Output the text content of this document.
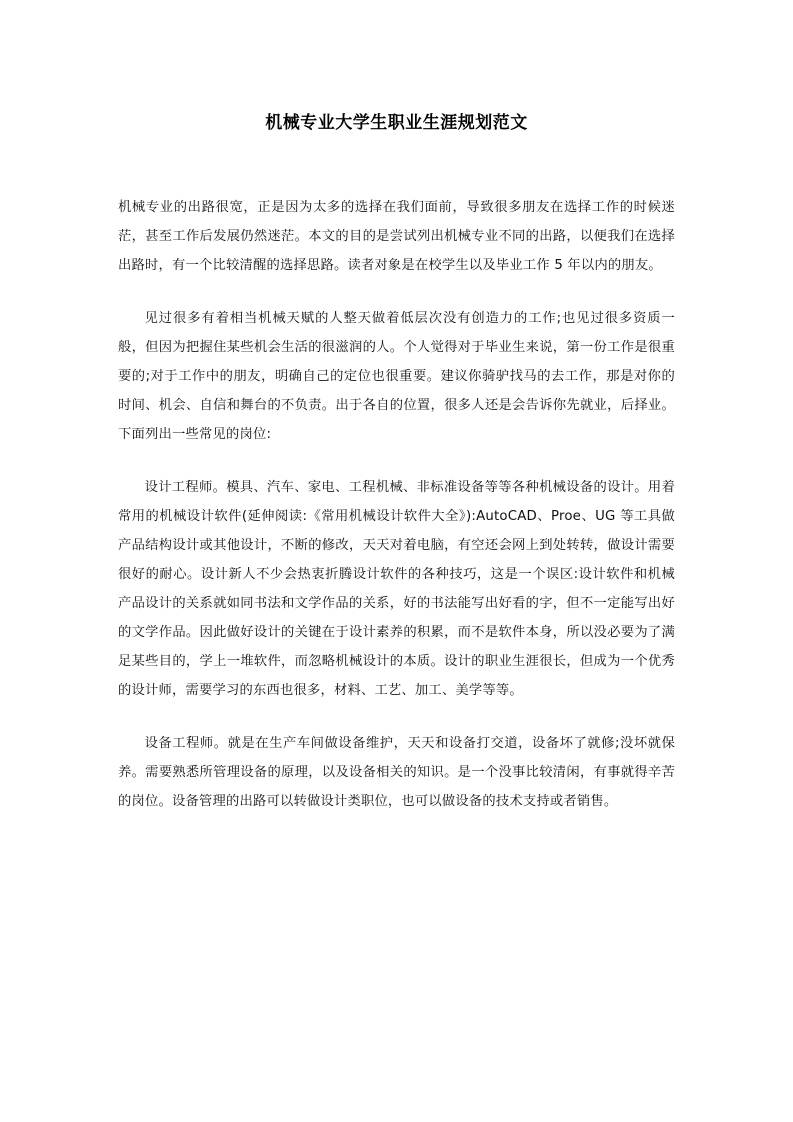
机械专业大学生职业生涯规划范文

机械专业的出路很宽，正是因为太多的选择在我们面前，导致很多朋友在选择工作的时候迷茫，甚至工作后发展仍然迷茫。本文的目的是尝试列出机械专业不同的出路，以便我们在选择出路时，有一个比较清醒的选择思路。读者对象是在校学生以及毕业工作 5 年以内的朋友。

见过很多有着相当机械天赋的人整天做着低层次没有创造力的工作;也见过很多资质一般，但因为把握住某些机会生活的很滋润的人。个人觉得对于毕业生来说，第一份工作是很重要的;对于工作中的朋友，明确自己的定位也很重要。建议你骑驴找马的去工作，那是对你的时间、机会、自信和舞台的不负责。出于各自的位置，很多人还是会告诉你先就业，后择业。下面列出一些常见的岗位:

设计工程师。模具、汽车、家电、工程机械、非标准设备等等各种机械设备的设计。用着常用的机械设计软件(延伸阅读:《常用机械设计软件大全》):AutoCAD、Proe、UG 等工具做产品结构设计或其他设计，不断的修改，天天对着电脑，有空还会网上到处转转，做设计需要很好的耐心。设计新人不少会热衷折腾设计软件的各种技巧，这是一个误区:设计软件和机械产品设计的关系就如同书法和文学作品的关系，好的书法能写出好看的字，但不一定能写出好的文学作品。因此做好设计的关键在于设计素养的积累，而不是软件本身，所以没必要为了满足某些目的，学上一堆软件，而忽略机械设计的本质。设计的职业生涯很长，但成为一个优秀的设计师，需要学习的东西也很多，材料、工艺、加工、美学等等。

设备工程师。就是在生产车间做设备维护，天天和设备打交道，设备坏了就修;没坏就保养。需要熟悉所管理设备的原理，以及设备相关的知识。是一个没事比较清闲，有事就得辛苦的岗位。设备管理的出路可以转做设计类职位，也可以做设备的技术支持或者销售。
